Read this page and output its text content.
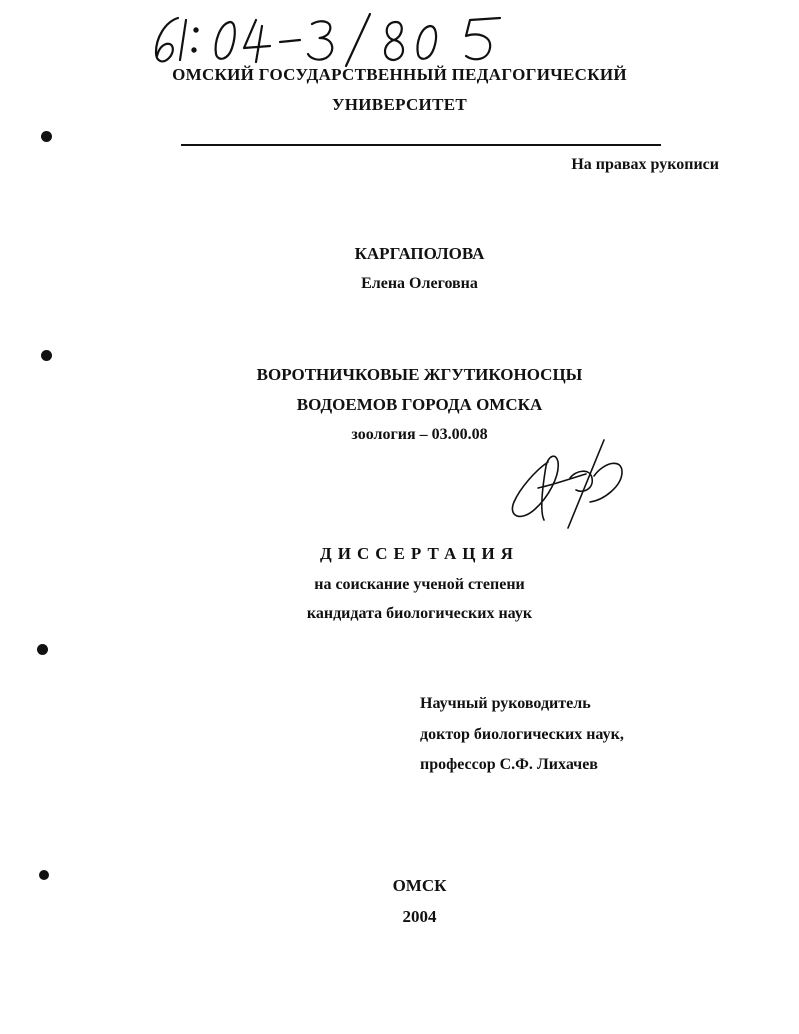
ОМСКИЙ ГОСУДАРСТВЕННЫЙ ПЕДАГОГИЧЕСКИЙ
УНИВЕРСИТЕТ
На правах рукописи
КАРГАПОЛОВА
Елена Олеговна
ВОРОТНИЧКОВЫЕ ЖГУТИКОНОСЦЫ
ВОДОЕМОВ ГОРОДА ОМСКА
зоология – 03.00.08
ДИССЕРТАЦИЯ
на соискание ученой степени
кандидата биологических наук
Научный руководитель
доктор биологических наук,
профессор С.Ф. Лихачев
ОМСК
2004
